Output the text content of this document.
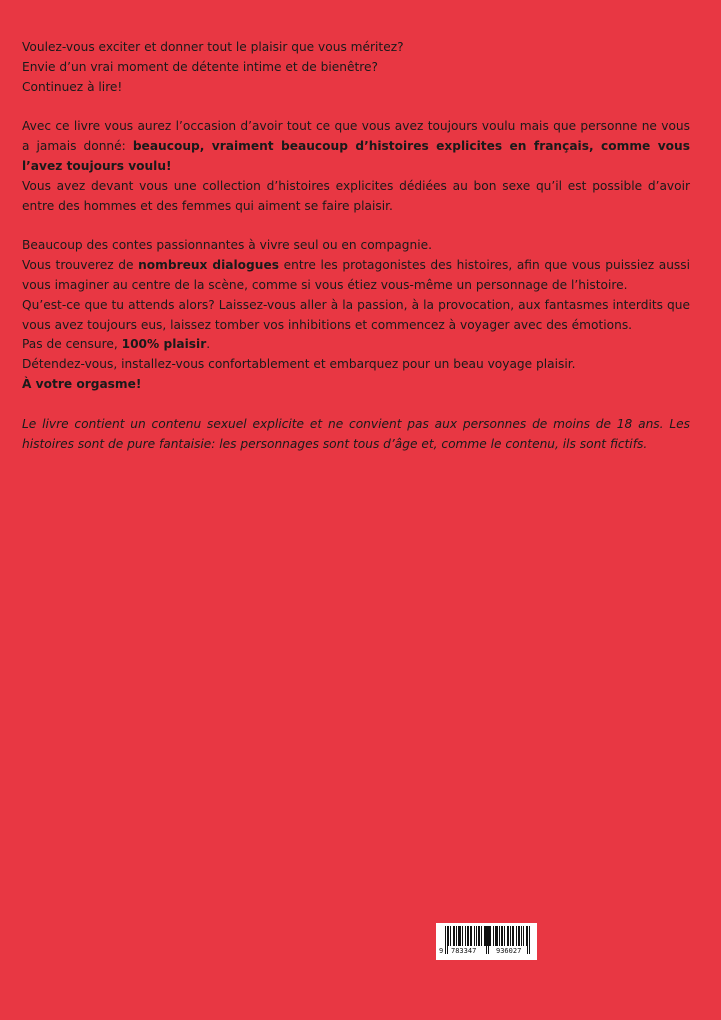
Voulez-vous exciter et donner tout le plaisir que vous méritez?

Envie d’un vrai moment de détente intime et de bienêtre?

Continuez à lire!

Avec ce livre vous aurez l’occasion d’avoir tout ce que vous avez toujours voulu mais que personne ne vous a jamais donné: beaucoup, vraiment beaucoup d’histoires explicites en français, comme vous l’avez toujours voulu!

Vous avez devant vous une collection d’histoires explicites dédiées au bon sexe qu’il est possible d’avoir entre des hommes et des femmes qui aiment se faire plaisir.

Beaucoup des contes passionnantes à vivre seul ou en compagnie.

Vous trouverez de nombreux dialogues entre les protagonistes des histoires, afin que vous puissiez aussi vous imaginer au centre de la scène, comme si vous étiez vous-même un personnage de l’histoire.

Qu’est-ce que tu attends alors? Laissez-vous aller à la passion, à la provocation, aux fantasmes interdits que vous avez toujours eus, laissez tomber vos inhibitions et commencez à voyager avec des émotions.

Pas de censure, 100% plaisir.

Détendez-vous, installez-vous confortablement et embarquez pour un beau voyage plaisir.

À votre orgasme!

Le livre contient un contenu sexuel explicite et ne convient pas aux personnes de moins de 18 ans. Les histoires sont de pure fantaisie: les personnages sont tous d’âge et, comme le contenu, ils sont fictifs.

9 783347	936027
